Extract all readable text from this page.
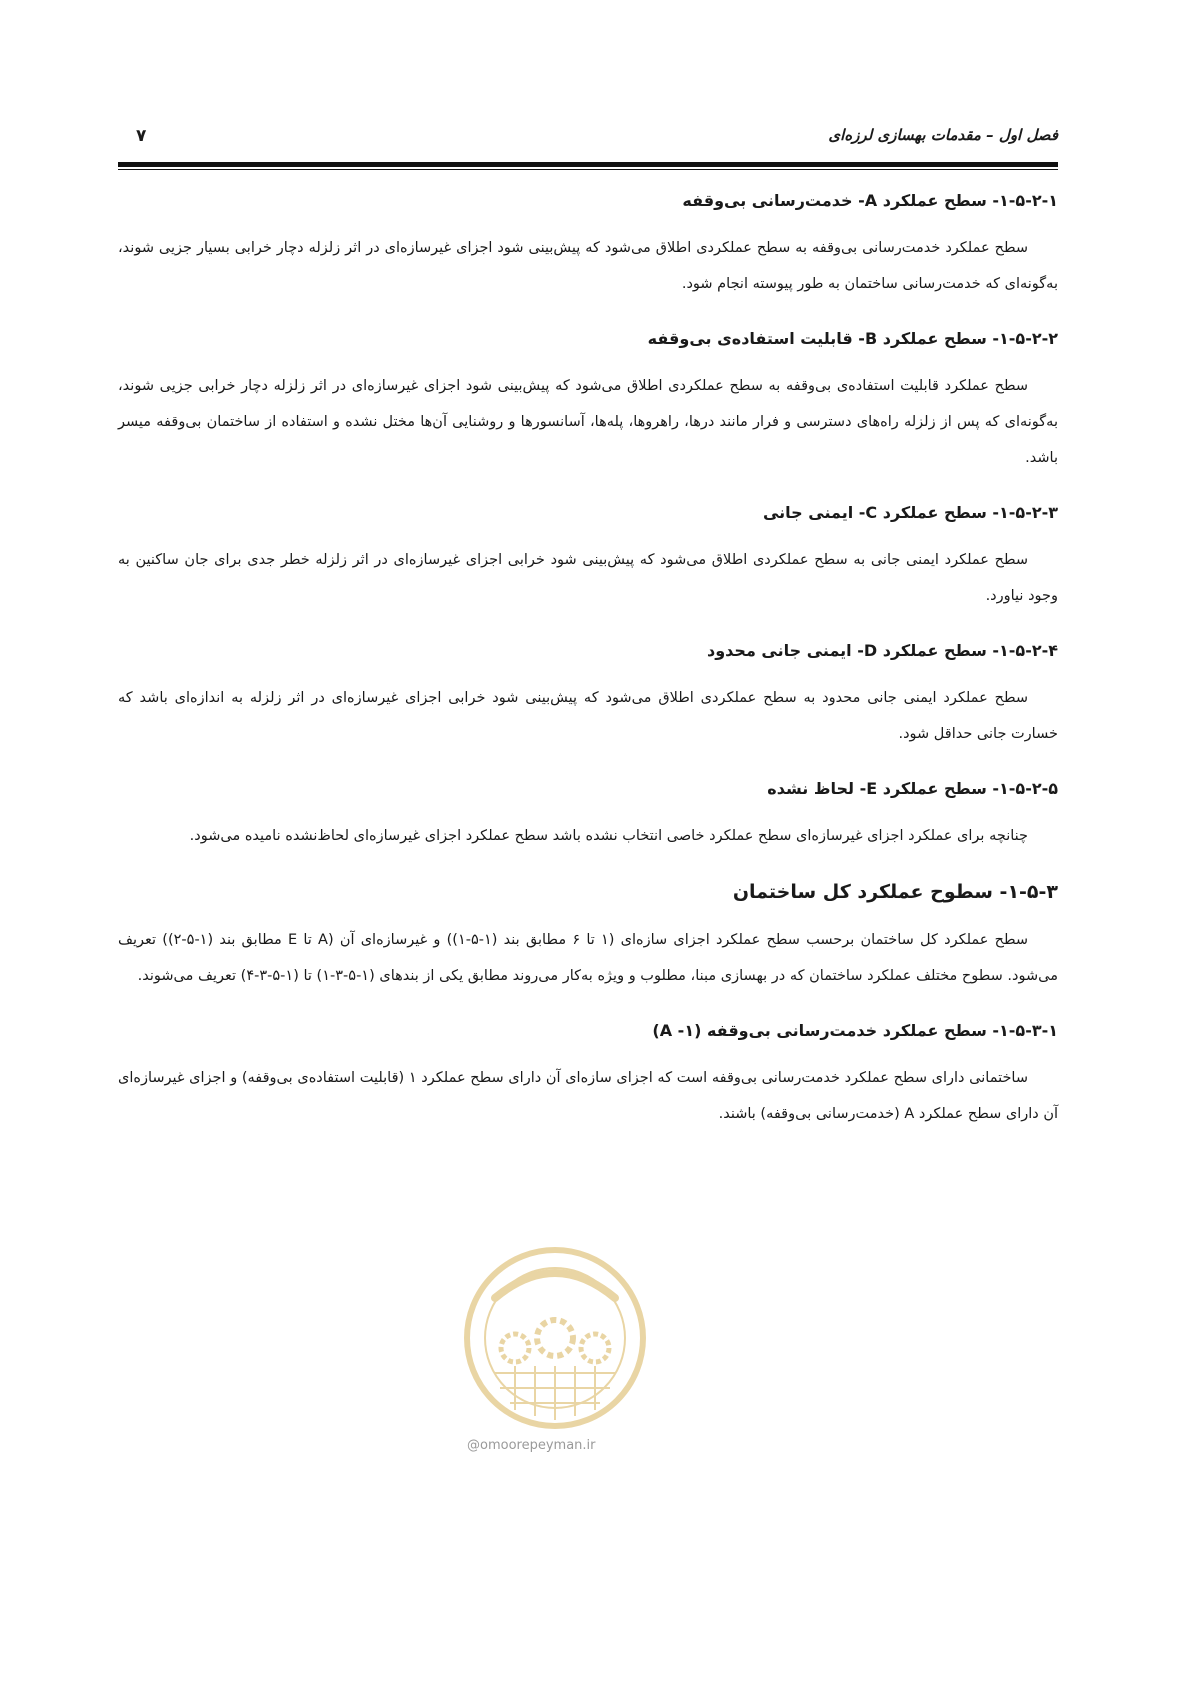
فصل اول – مقدمات بهسازی لرزه‌ای
۷
۱-۵-۲-۱- سطح عملکرد A- خدمت‌رسانی بی‌وقفه

سطح عملکرد خدمت‌رسانی بی‌وقفه به سطح عملکردی اطلاق می‌شود که پیش‌بینی شود اجزای غیرسازه‌ای در اثر زلزله دچار خرابی بسیار جزیی شوند، به‌گونه‌ای که خدمت‌رسانی ساختمان به طور پیوسته انجام شود.

۱-۵-۲-۲- سطح عملکرد B- قابلیت استفاده‌ی بی‌وقفه

سطح عملکرد قابلیت استفاده‌ی بی‌وقفه به سطح عملکردی اطلاق می‌شود که پیش‌بینی شود اجزای غیرسازه‌ای در اثر زلزله دچار خرابی جزیی شوند، به‌گونه‌ای که پس از زلزله راه‌های دسترسی و فرار مانند درها، راهروها، پله‌ها، آسانسورها و روشنایی آن‌ها مختل نشده و استفاده از ساختمان بی‌وقفه میسر باشد.

۱-۵-۲-۳- سطح عملکرد C- ایمنی جانی

سطح عملکرد ایمنی جانی به سطح عملکردی اطلاق می‌شود که پیش‌بینی شود خرابی اجزای غیرسازه‌ای در اثر زلزله خطر جدی برای جان ساکنین به وجود نیاورد.

۱-۵-۲-۴- سطح عملکرد D- ایمنی جانی محدود

سطح عملکرد ایمنی جانی محدود به سطح عملکردی اطلاق می‌شود که پیش‌بینی شود خرابی اجزای غیرسازه‌ای در اثر زلزله به اندازه‌ای باشد که خسارت جانی حداقل شود.

۱-۵-۲-۵- سطح عملکرد E- لحاظ نشده

چنانچه برای عملکرد اجزای غیرسازه‌ای سطح عملکرد خاصی انتخاب نشده باشد سطح عملکرد اجزای غیرسازه‌ای لحاظ‌نشده نامیده می‌شود.

۱-۵-۳- سطوح عملکرد کل ساختمان

سطح عملکرد کل ساختمان برحسب سطح عملکرد اجزای سازه‌ای (۱ تا ۶ مطابق بند (۱-۵-۱)) و غیرسازه‌ای آن (A تا E مطابق بند (۱-۵-۲)) تعریف می‌شود. سطوح مختلف عملکرد ساختمان که در بهسازی مبنا، مطلوب و ویژه به‌کار می‌روند مطابق یکی از بندهای (۱-۵-۳-۱) تا (۱-۵-۳-۴) تعریف می‌شوند.

۱-۵-۳-۱- سطح عملکرد خدمت‌رسانی بی‌وقفه (۱- A)

ساختمانی دارای سطح عملکرد خدمت‌رسانی بی‌وقفه است که اجزای سازه‌ای آن دارای سطح عملکرد ۱ (قابلیت استفاده‌ی بی‌وقفه) و اجزای غیرسازه‌ای آن دارای سطح عملکرد A (خدمت‌رسانی بی‌وقفه) باشند.

@omoorepeyman.ir
